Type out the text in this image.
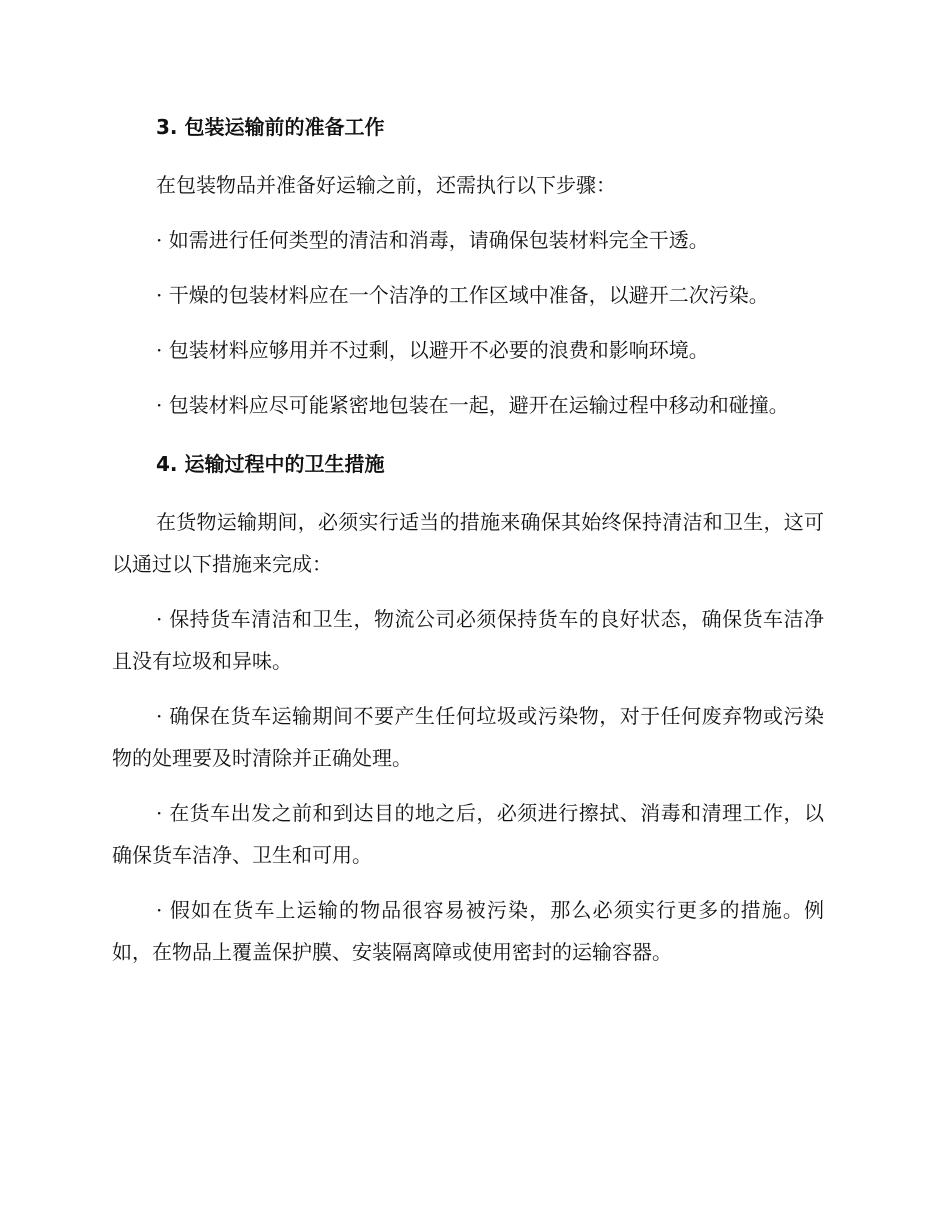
3. 包装运输前的准备工作

在包装物品并准备好运输之前，还需执行以下步骤：

· 如需进行任何类型的清洁和消毒，请确保包装材料完全干透。

· 干燥的包装材料应在一个洁净的工作区域中准备，以避开二次污染。

· 包装材料应够用并不过剩，以避开不必要的浪费和影响环境。

· 包装材料应尽可能紧密地包装在一起，避开在运输过程中移动和碰撞。

4. 运输过程中的卫生措施

在货物运输期间，必须实行适当的措施来确保其始终保持清洁和卫生，这可以通过以下措施来完成：

· 保持货车清洁和卫生，物流公司必须保持货车的良好状态，确保货车洁净且没有垃圾和异味。

· 确保在货车运输期间不要产生任何垃圾或污染物，对于任何废弃物或污染物的处理要及时清除并正确处理。

· 在货车出发之前和到达目的地之后，必须进行擦拭、消毒和清理工作，以确保货车洁净、卫生和可用。

· 假如在货车上运输的物品很容易被污染，那么必须实行更多的措施。例如，在物品上覆盖保护膜、安装隔离障或使用密封的运输容器。
